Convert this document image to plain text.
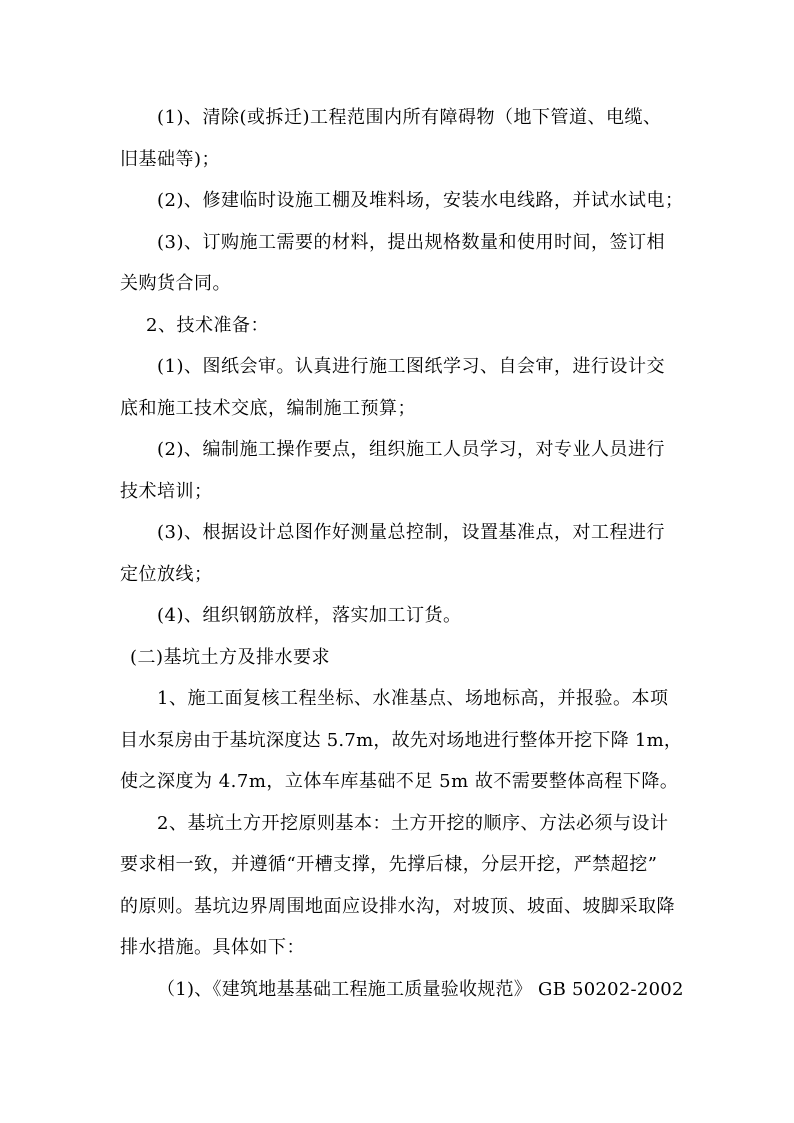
(1)、清除(或拆迁)工程范围内所有障碍物（地下管道、电缆、
旧基础等)；
(2)、修建临时设施工棚及堆料场，安装水电线路，并试水试电；
(3)、订购施工需要的材料，提出规格数量和使用时间，签订相
关购货合同。
2、技术准备：
(1)、图纸会审。认真进行施工图纸学习、自会审，进行设计交
底和施工技术交底，编制施工预算；
(2)、编制施工操作要点，组织施工人员学习，对专业人员进行
技术培训；
(3)、根据设计总图作好测量总控制，设置基准点，对工程进行
定位放线；
(4)、组织钢筋放样，落实加工订货。
(二)基坑土方及排水要求
1、施工面复核工程坐标、水准基点、场地标高，并报验。本项
目水泵房由于基坑深度达 5.7m，故先对场地进行整体开挖下降 1m，
使之深度为 4.7m，立体车库基础不足 5m 故不需要整体高程下降。
2、基坑土方开挖原则基本：土方开挖的顺序、方法必须与设计
要求相一致，并遵循“开槽支撑，先撑后棣，分层开挖，严禁超挖”
的原则。基坑边界周围地面应设排水沟，对坡顶、坡面、坡脚采取降
排水措施。具体如下：
（1)、《建筑地基基础工程施工质量验收规范》 GB 50202-2002
